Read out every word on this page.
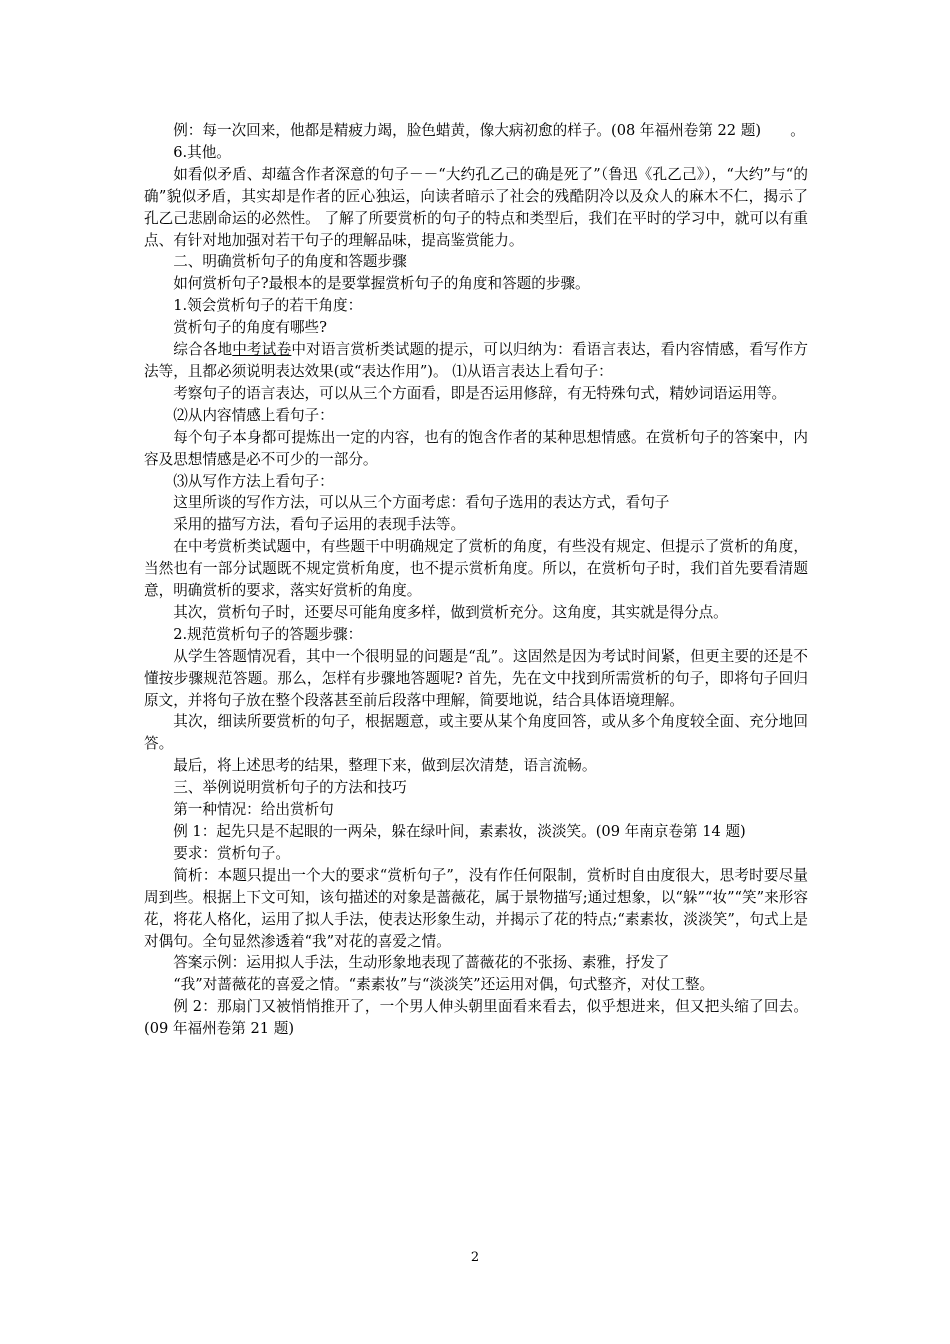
例：每一次回来，他都是精疲力竭，脸色蜡黄，像大病初愈的样子。(08 年福州卷第 22 题)　　。

6.其他。

如看似矛盾、却蕴含作者深意的句子－－“大约孔乙己的确是死了”（鲁迅《孔乙己》），“大约”与“的确”貌似矛盾，其实却是作者的匠心独运，向读者暗示了社会的残酷阴冷以及众人的麻木不仁，揭示了孔乙己悲剧命运的必然性。 了解了所要赏析的句子的特点和类型后，我们在平时的学习中，就可以有重点、有针对地加强对若干句子的理解品味，提高鉴赏能力。

二、明确赏析句子的角度和答题步骤

如何赏析句子?最根本的是要掌握赏析句子的角度和答题的步骤。

1.领会赏析句子的若干角度：

赏析句子的角度有哪些?

综合各地中考试卷中对语言赏析类试题的提示，可以归纳为：看语言表达，看内容情感，看写作方法等，且都必须说明表达效果(或“表达作用”)。 ⑴从语言表达上看句子：

考察句子的语言表达，可以从三个方面看，即是否运用修辞，有无特殊句式，精妙词语运用等。

⑵从内容情感上看句子：

每个句子本身都可提炼出一定的内容，也有的饱含作者的某种思想情感。在赏析句子的答案中，内容及思想情感是必不可少的一部分。

⑶从写作方法上看句子：

这里所谈的写作方法，可以从三个方面考虑：看句子选用的表达方式，看句子

采用的描写方法，看句子运用的表现手法等。

在中考赏析类试题中，有些题干中明确规定了赏析的角度，有些没有规定、但提示了赏析的角度，当然也有一部分试题既不规定赏析角度，也不提示赏析角度。所以，在赏析句子时，我们首先要看清题意，明确赏析的要求，落实好赏析的角度。

其次，赏析句子时，还要尽可能角度多样，做到赏析充分。这角度，其实就是得分点。

2.规范赏析句子的答题步骤：

从学生答题情况看，其中一个很明显的问题是“乱”。这固然是因为考试时间紧，但更主要的还是不懂按步骤规范答题。那么，怎样有步骤地答题呢? 首先，先在文中找到所需赏析的句子，即将句子回归原文，并将句子放在整个段落甚至前后段落中理解，简要地说，结合具体语境理解。

其次，细读所要赏析的句子，根据题意，或主要从某个角度回答，或从多个角度较全面、充分地回答。

最后，将上述思考的结果，整理下来，做到层次清楚，语言流畅。

三、举例说明赏析句子的方法和技巧

第一种情况：给出赏析句

例 1：起先只是不起眼的一两朵，躲在绿叶间，素素妆，淡淡笑。(09 年南京卷第 14 题)

要求：赏析句子。

简析：本题只提出一个大的要求“赏析句子”，没有作任何限制，赏析时自由度很大，思考时要尽量周到些。根据上下文可知，该句描述的对象是蔷薇花，属于景物描写;通过想象，以“躲”“妆”“笑”来形容花，将花人格化，运用了拟人手法，使表达形象生动，并揭示了花的特点;“素素妆，淡淡笑”，句式上是对偶句。全句显然渗透着“我”对花的喜爱之情。

答案示例：运用拟人手法，生动形象地表现了蔷薇花的不张扬、素雅，抒发了

“我”对蔷薇花的喜爱之情。“素素妆”与“淡淡笑”还运用对偶，句式整齐，对仗工整。

例 2：那扇门又被悄悄推开了，一个男人伸头朝里面看来看去，似乎想进来，但又把头缩了回去。(09 年福州卷第 21 题)

2
